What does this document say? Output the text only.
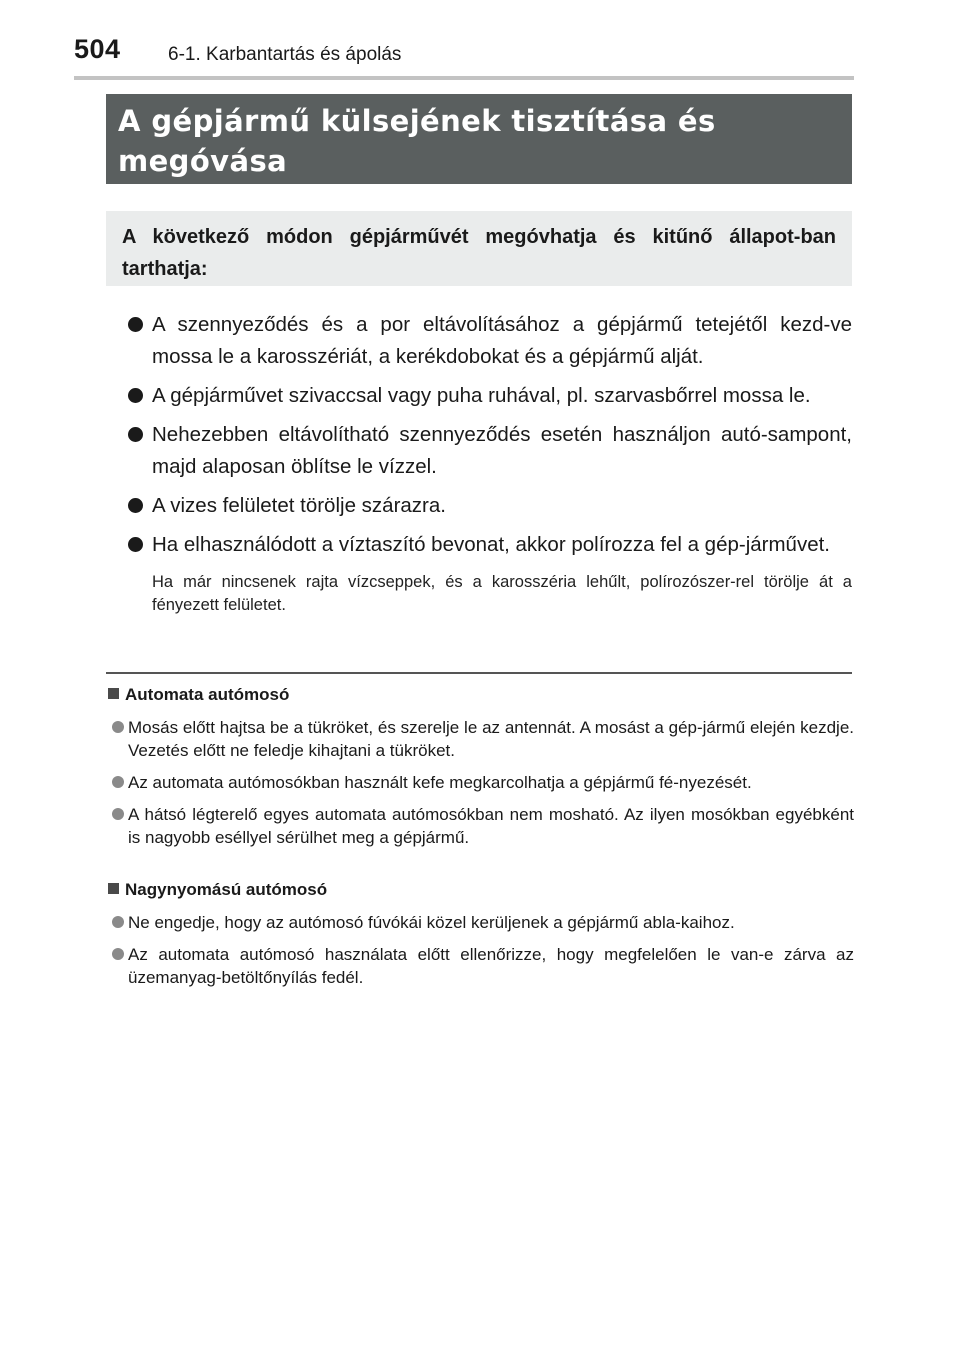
504 6-1. Karbantartás és ápolás
A gépjármű külsejének tisztítása és
megóvása
A következő módon gépjárművét megóvhatja és kitűnő állapot-ban tarthatja:
A szennyeződés és a por eltávolításához a gépjármű tetejétől kezd-ve mossa le a karosszériát, a kerékdobokat és a gépjármű alját.
A gépjárművet szivaccsal vagy puha ruhával, pl. szarvasbőrrel mossa le.
Nehezebben eltávolítható szennyeződés esetén használjon autó-sampont, majd alaposan öblítse le vízzel.
A vizes felületet törölje szárazra.
Ha elhasználódott a víztaszító bevonat, akkor polírozza fel a gép-járművet.
Ha már nincsenek rajta vízcseppek, és a karosszéria lehűlt, polírozószer-rel törölje át a fényezett felületet.
Automata autómosó
Mosás előtt hajtsa be a tükröket, és szerelje le az antennát. A mosást a gép-jármű elején kezdje. Vezetés előtt ne feledje kihajtani a tükröket.
Az automata autómosókban használt kefe megkarcolhatja a gépjármű fé-nyezését.
A hátsó légterelő egyes automata autómosókban nem mosható. Az ilyen mosókban egyébként is nagyobb eséllyel sérülhet meg a gépjármű.
Nagynyomású autómosó
Ne engedje, hogy az autómosó fúvókái közel kerüljenek a gépjármű abla-kaihoz.
Az automata autómosó használata előtt ellenőrizze, hogy megfelelően le van-e zárva az üzemanyag-betöltőnyílás fedél.
